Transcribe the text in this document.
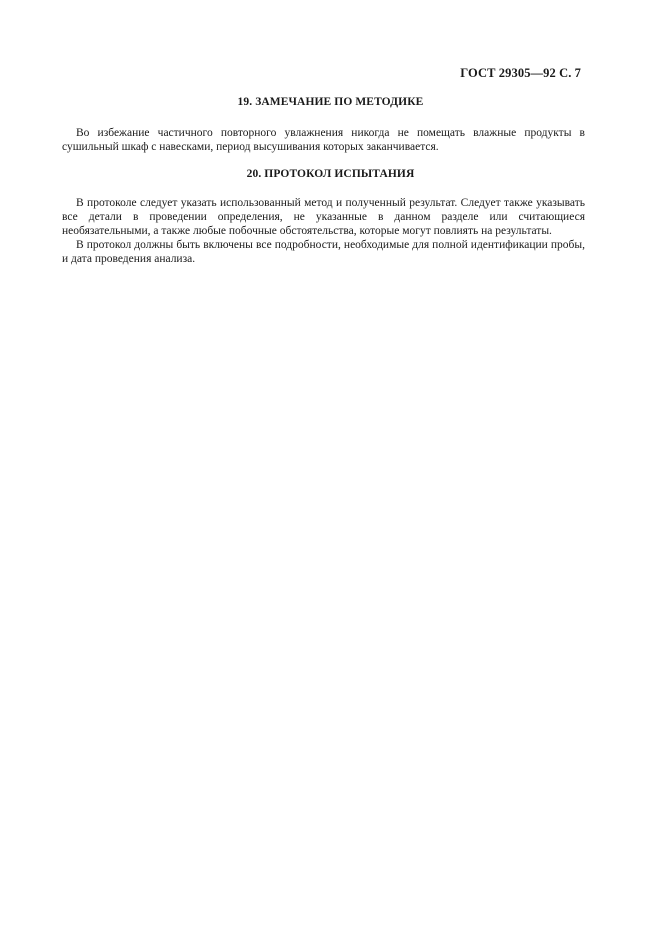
ГОСТ 29305—92 С. 7
19. ЗАМЕЧАНИЕ ПО МЕТОДИКЕ

Во избежание частичного повторного увлажнения никогда не помещать влажные продукты в сушильный шкаф с навесками, период высушивания которых заканчивается.

20. ПРОТОКОЛ ИСПЫТАНИЯ

В протоколе следует указать использованный метод и полученный результат. Следует также указывать все детали в проведении определения, не указанные в данном разделе или считающиеся необязательными, а также любые побочные обстоятельства, которые могут повлиять на результаты.

В протокол должны быть включены все подробности, необходимые для полной идентификации пробы, и дата проведения анализа.
